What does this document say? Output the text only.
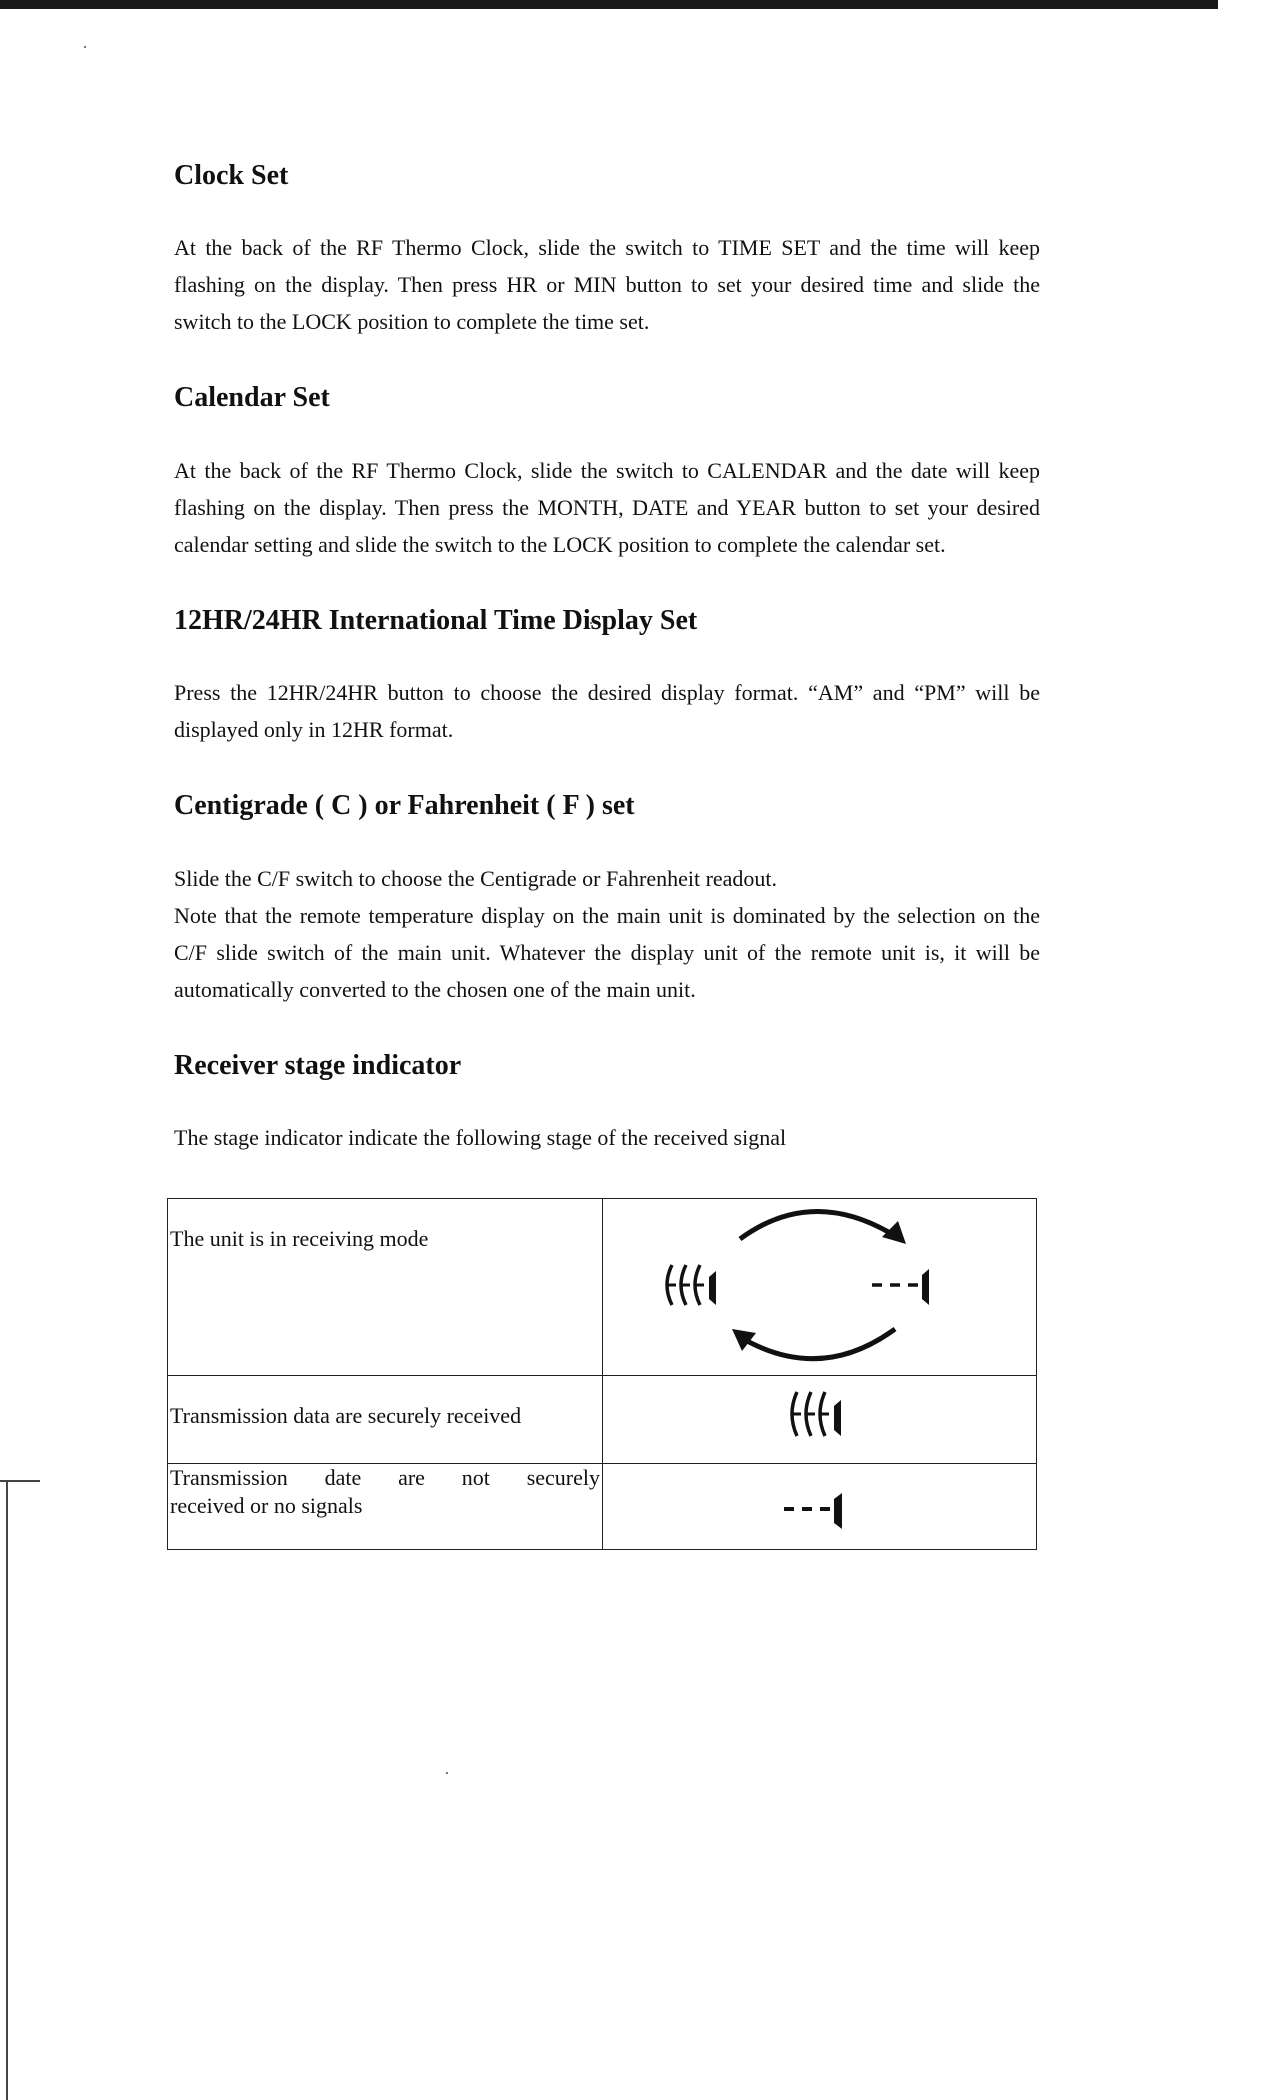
Clock Set

At the back of the RF Thermo Clock, slide the switch to TIME SET and the time will keep flashing on the display. Then press HR or MIN button to set your desired time and slide the switch to the LOCK position to complete the time set.

Calendar Set

At the back of the RF Thermo Clock, slide the switch to CALENDAR and the date will keep flashing on the display. Then press the MONTH, DATE and YEAR button to set your desired calendar setting and slide the switch to the LOCK position to complete the calendar set.

12HR/24HR International Time Display Set

Press the 12HR/24HR button to choose the desired display format. “AM” and “PM” will be displayed only in 12HR format.

Centigrade ( C ) or Fahrenheit ( F ) set

Slide the C/F switch to choose the Centigrade or Fahrenheit readout.

Note that the remote temperature display on the main unit is dominated by the selection on the C/F slide switch of the main unit. Whatever the display unit of the remote unit is, it will be automatically converted to the chosen one of the main unit.

Receiver stage indicator

The stage indicator indicate the following stage of the received signal

The unit is in receiving mode	
Transmission data are securely received	

Transmission date are not securely
received or no signals
